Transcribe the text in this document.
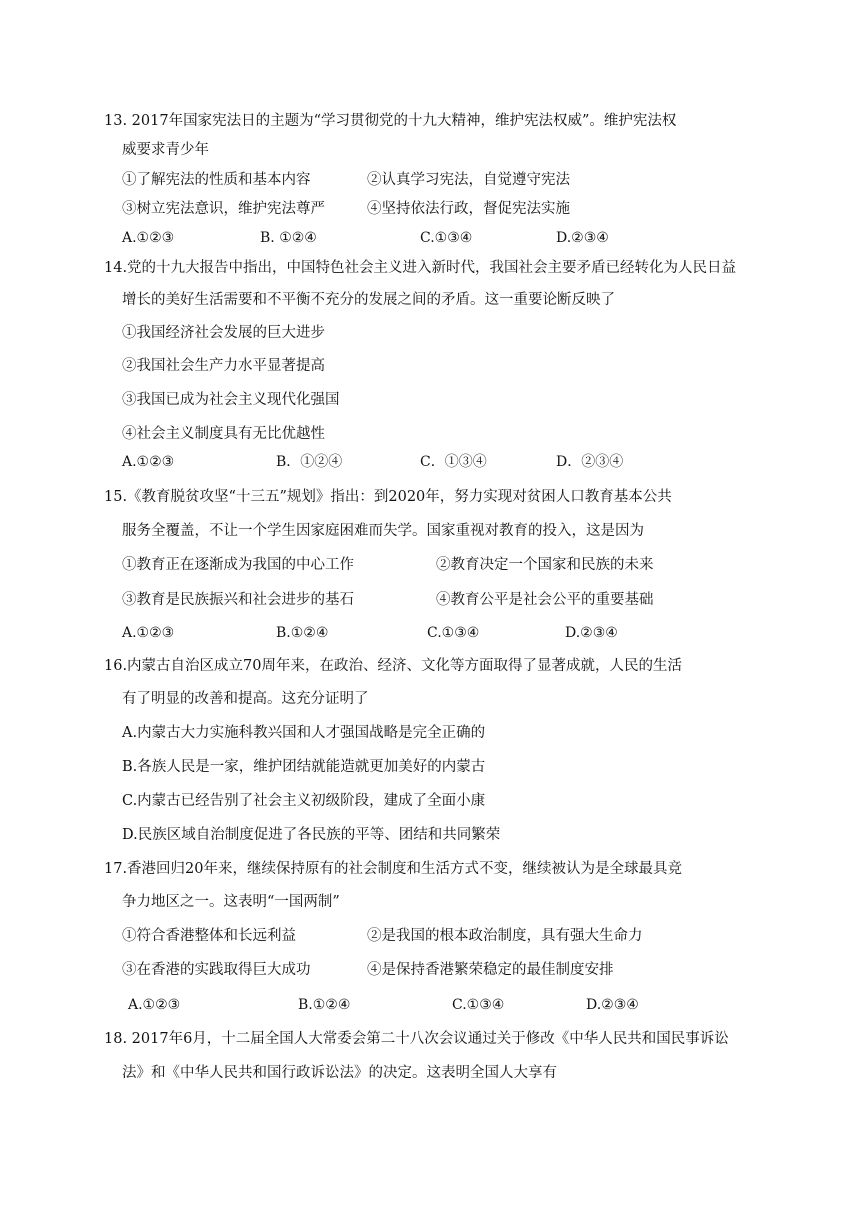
13. 2017年国家宪法日的主题为“学习贯彻党的十九大精神，维护宪法权威”。维护宪法权
威要求青少年
①了解宪法的性质和基本内容	②认真学习宪法，自觉遵守宪法
③树立宪法意识，维护宪法尊严	④坚持依法行政，督促宪法实施
A.①②③	B. ①②④	C.①③④	D.②③④
14.党的十九大报告中指出，中国特色社会主义进入新时代，我国社会主要矛盾已经转化为人民日益
增长的美好生活需要和不平衡不充分的发展之间的矛盾。这一重要论断反映了
①我国经济社会发展的巨大进步
②我国社会生产力水平显著提高
③我国已成为社会主义现代化强国
④社会主义制度具有无比优越性
A.①②③	B．①②④	C．①③④	D．②③④
15.《教育脱贫攻坚“十三五”规划》指出：到2020年，努力实现对贫困人口教育基本公共
服务全覆盖，不让一个学生因家庭困难而失学。国家重视对教育的投入，这是因为
①教育正在逐渐成为我国的中心工作	②教育决定一个国家和民族的未来
③教育是民族振兴和社会进步的基石	④教育公平是社会公平的重要基础
A.①②③	B.①②④	C.①③④	D.②③④
16.内蒙古自治区成立70周年来，在政治、经济、文化等方面取得了显著成就，人民的生活
有了明显的改善和提高。这充分证明了
A.内蒙古大力实施科教兴国和人才强国战略是完全正确的
B.各族人民是一家，维护团结就能造就更加美好的内蒙古
C.内蒙古已经告别了社会主义初级阶段，建成了全面小康
D.民族区域自治制度促进了各民族的平等、团结和共同繁荣
17.香港回归20年来，继续保持原有的社会制度和生活方式不变，继续被认为是全球最具竞
争力地区之一。这表明“一国两制”
①符合香港整体和长远利益	②是我国的根本政治制度，具有强大生命力
③在香港的实践取得巨大成功	④是保持香港繁荣稳定的最佳制度安排
A.①②③	B.①②④	C.①③④	D.②③④
18. 2017年6月，十二届全国人大常委会第二十八次会议通过关于修改《中华人民共和国民事诉讼
法》和《中华人民共和国行政诉讼法》的决定。这表明全国人大享有
